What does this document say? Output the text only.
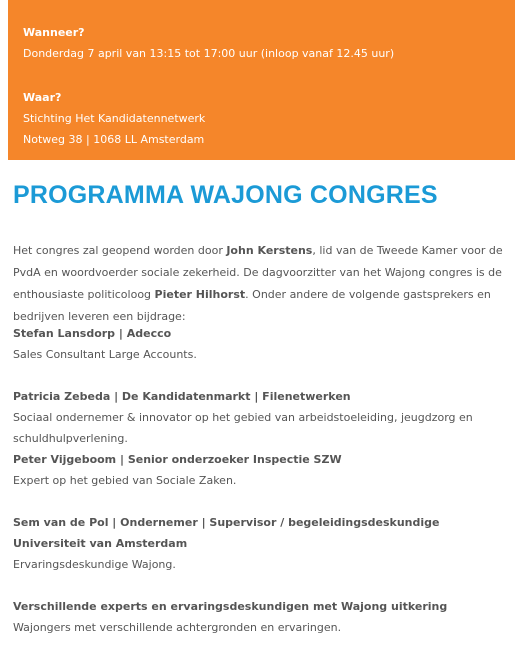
Wanneer?

Donderdag 7 april van 13:15 tot 17:00 uur (inloop vanaf 12.45 uur)

Waar?

Stichting Het Kandidatennetwerk

Notweg 38 | 1068 LL Amsterdam

PROGRAMMA WAJONG CONGRES

Het congres zal geopend worden door John Kerstens, lid van de Tweede Kamer voor de PvdA en woordvoerder sociale zekerheid. De dagvoorzitter van het Wajong congres is de enthousiaste politicoloog Pieter Hilhorst. Onder andere de volgende gastsprekers en bedrijven leveren een bijdrage:

Stefan Lansdorp | Adecco

Sales Consultant Large Accounts.

Patricia Zebeda | De Kandidatenmarkt | Filenetwerken

Sociaal ondernemer & innovator op het gebied van arbeidstoeleiding, jeugdzorg en schuldhulpverlening.

Peter Vijgeboom | Senior onderzoeker Inspectie SZW

Expert op het gebied van Sociale Zaken.

Sem van de Pol | Ondernemer | Supervisor / begeleidingsdeskundige Universiteit van Amsterdam

Ervaringsdeskundige Wajong.

Verschillende experts en ervaringsdeskundigen met Wajong uitkering

Wajongers met verschillende achtergronden en ervaringen.
